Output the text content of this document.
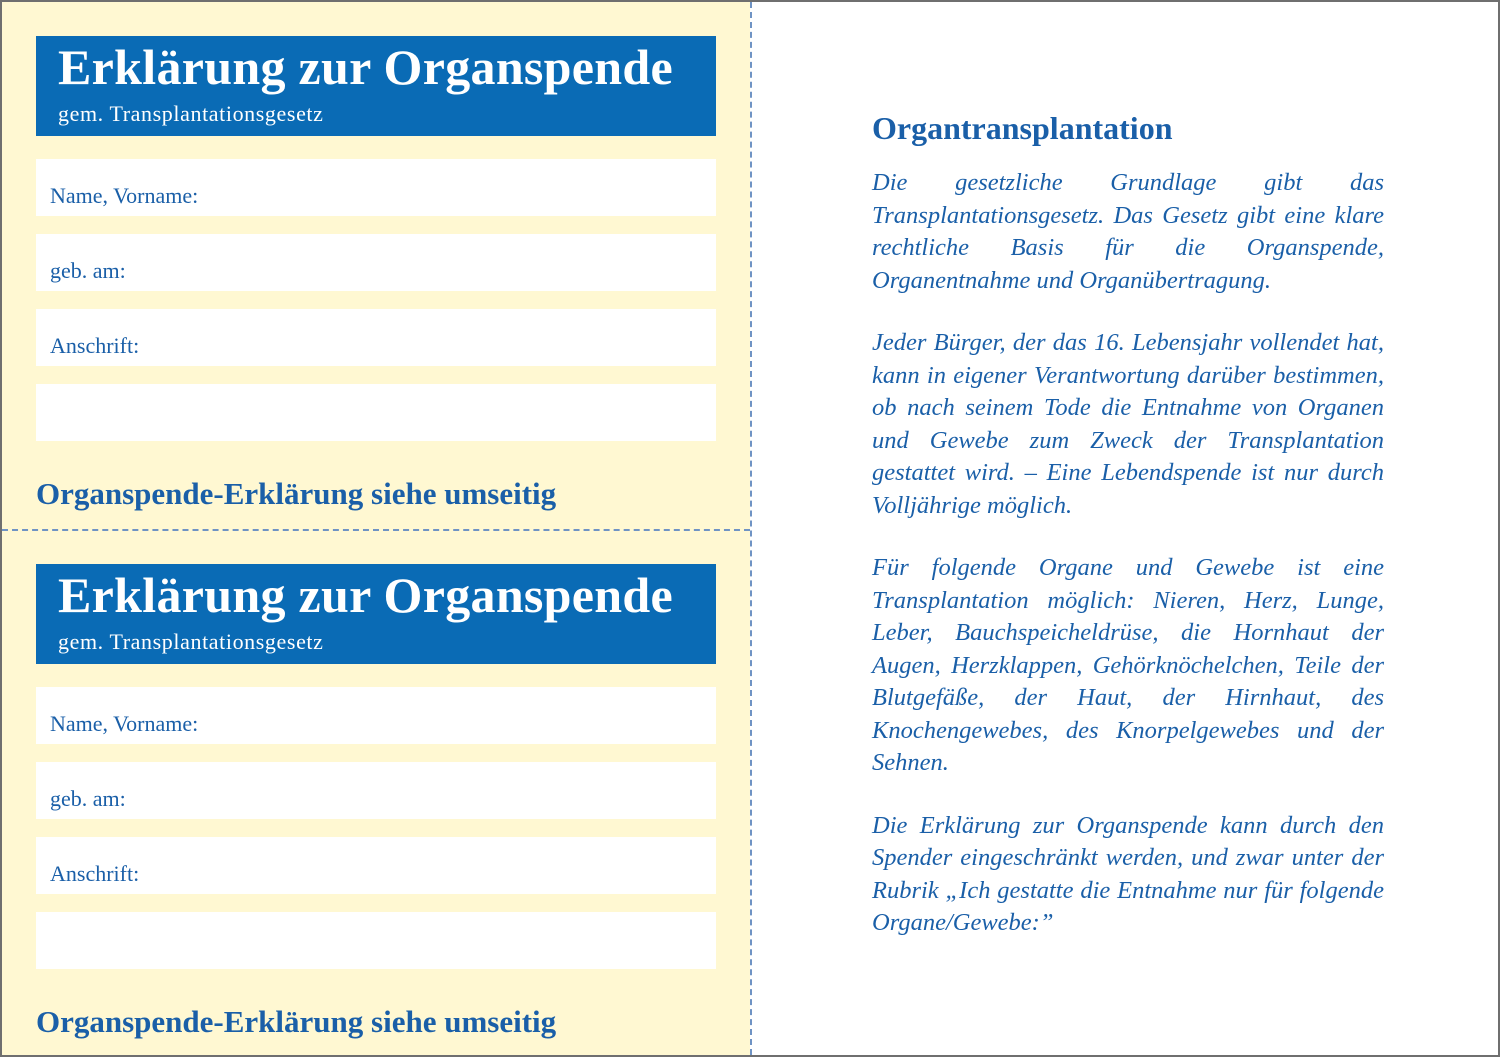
Erklärung zur Organspende
gem. Transplantationsgesetz
Name, Vorname:
geb. am:
Anschrift:
Organspende-Erklärung siehe umseitig
Erklärung zur Organspende
gem. Transplantationsgesetz
Name, Vorname:
geb. am:
Anschrift:
Organspende-Erklärung siehe umseitig
Organtransplantation

Die gesetzliche Grundlage gibt das Transplantationsgesetz. Das Gesetz gibt eine klare rechtliche Basis für die Organspende, Organentnahme und Organübertragung.

Jeder Bürger, der das 16. Lebensjahr vollendet hat, kann in eigener Verantwortung darüber bestimmen, ob nach seinem Tode die Entnahme von Organen und Gewebe zum Zweck der Transplantation gestattet wird. – Eine Lebendspende ist nur durch Volljährige möglich.

Für folgende Organe und Gewebe ist eine Transplantation möglich: Nieren, Herz, Lunge, Leber, Bauchspeicheldrüse, die Hornhaut der Augen, Herzklappen, Gehörknöchelchen, Teile der Blutgefäße, der Haut, der Hirnhaut, des Knochengewebes, des Knorpelgewebes und der Sehnen.

Die Erklärung zur Organspende kann durch den Spender eingeschränkt werden, und zwar unter der Rubrik „Ich gestatte die Entnahme nur für folgende Organe/Gewebe:”
